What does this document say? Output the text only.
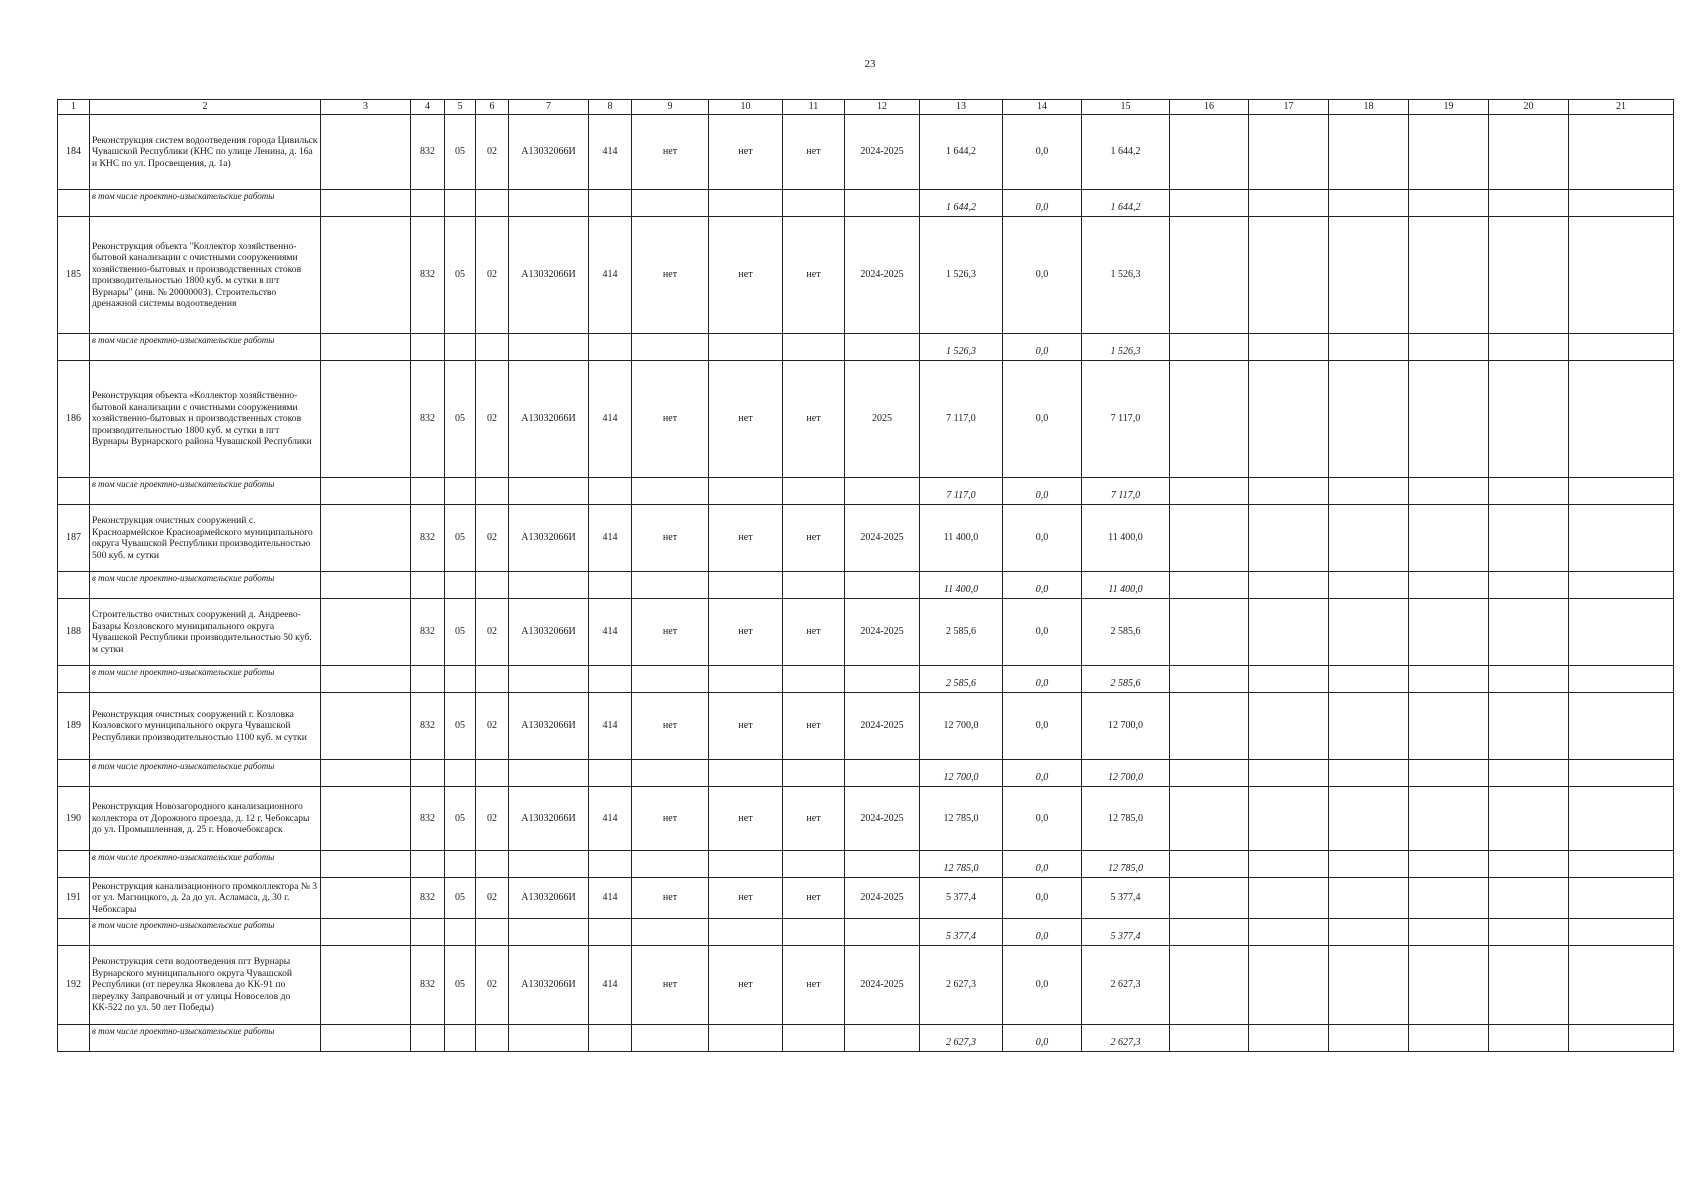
23
1	2	3	4	5	6	7	8	9	10	11	12	13	14	15	16	17	18	19	20	21
184	Реконструкция систем водоотведения города Цивильск Чувашской Республики (КНС по улице Ленина, д. 16а и КНС по ул. Просвещения, д. 1а)		832	05	02	А13032066И	414	нет	нет	нет	2024-2025	1 644,2	0,0	1 644,2						
	в том числе проектно-изыскательские работы											1 644,2	0,0	1 644,2						
185	Реконструкция объекта "Коллектор хозяйственно-бытовой канализации с очистными сооружениями хозяйственно-бытовых и производственных стоков производительностью 1800 куб. м сутки в пгт Вурнары" (инв. № 20000003). Строительство дренажной системы водоотведения		832	05	02	А13032066И	414	нет	нет	нет	2024-2025	1 526,3	0,0	1 526,3						
	в том числе проектно-изыскательские работы											1 526,3	0,0	1 526,3						
186	Реконструкция объекта «Коллектор хозяйственно-бытовой канализации с очистными сооружениями хозяйственно-бытовых и производственных стоков производительностью 1800 куб. м сутки в пгт Вурнары Вурнарского района Чувашской Республики		832	05	02	А13032066И	414	нет	нет	нет	2025	7 117,0	0,0	7 117,0						
	в том числе проектно-изыскательские работы											7 117,0	0,0	7 117,0						
187	Реконструкция очистных сооружений с. Красноармейское Красноармейского муниципального округа Чувашской Республики производительностью 500 куб. м сутки		832	05	02	А13032066И	414	нет	нет	нет	2024-2025	11 400,0	0,0	11 400,0						
	в том числе проектно-изыскательские работы											11 400,0	0,0	11 400,0						
188	Строительство очистных сооружений д. Андреево-Базары Козловского муниципального округа Чувашской Республики производительностью 50 куб. м сутки		832	05	02	А13032066И	414	нет	нет	нет	2024-2025	2 585,6	0,0	2 585,6						
	в том числе проектно-изыскательские работы											2 585,6	0,0	2 585,6						
189	Реконструкция очистных сооружений г. Козловка Козловского муниципального округа Чувашской Республики производительностью 1100 куб. м сутки		832	05	02	А13032066И	414	нет	нет	нет	2024-2025	12 700,0	0,0	12 700,0						
	в том числе проектно-изыскательские работы											12 700,0	0,0	12 700,0						
190	Реконструкция Новозагородного канализационного коллектора от Дорожного проезда, д. 12 г. Чебоксары до ул. Промышленная, д. 25 г. Новочебоксарск		832	05	02	А13032066И	414	нет	нет	нет	2024-2025	12 785,0	0,0	12 785,0						
	в том числе проектно-изыскательские работы											12 785,0	0,0	12 785,0						
191	Реконструкция канализационного промколлектора № 3 от ул. Магницкого, д. 2а до ул. Асламаса, д. 30 г. Чебоксары		832	05	02	А13032066И	414	нет	нет	нет	2024-2025	5 377,4	0,0	5 377,4						
	в том числе проектно-изыскательские работы											5 377,4	0,0	5 377,4						
192	Реконструкция сети водоотведения пгт Вурнары Вурнарского муниципального округа Чувашской Республики (от переулка Яковлева до КК-91 по переулку Заправочный и от улицы Новоселов до КК-522 по ул. 50 лет Победы)		832	05	02	А13032066И	414	нет	нет	нет	2024-2025	2 627,3	0,0	2 627,3						
	в том числе проектно-изыскательские работы											2 627,3	0,0	2 627,3						
